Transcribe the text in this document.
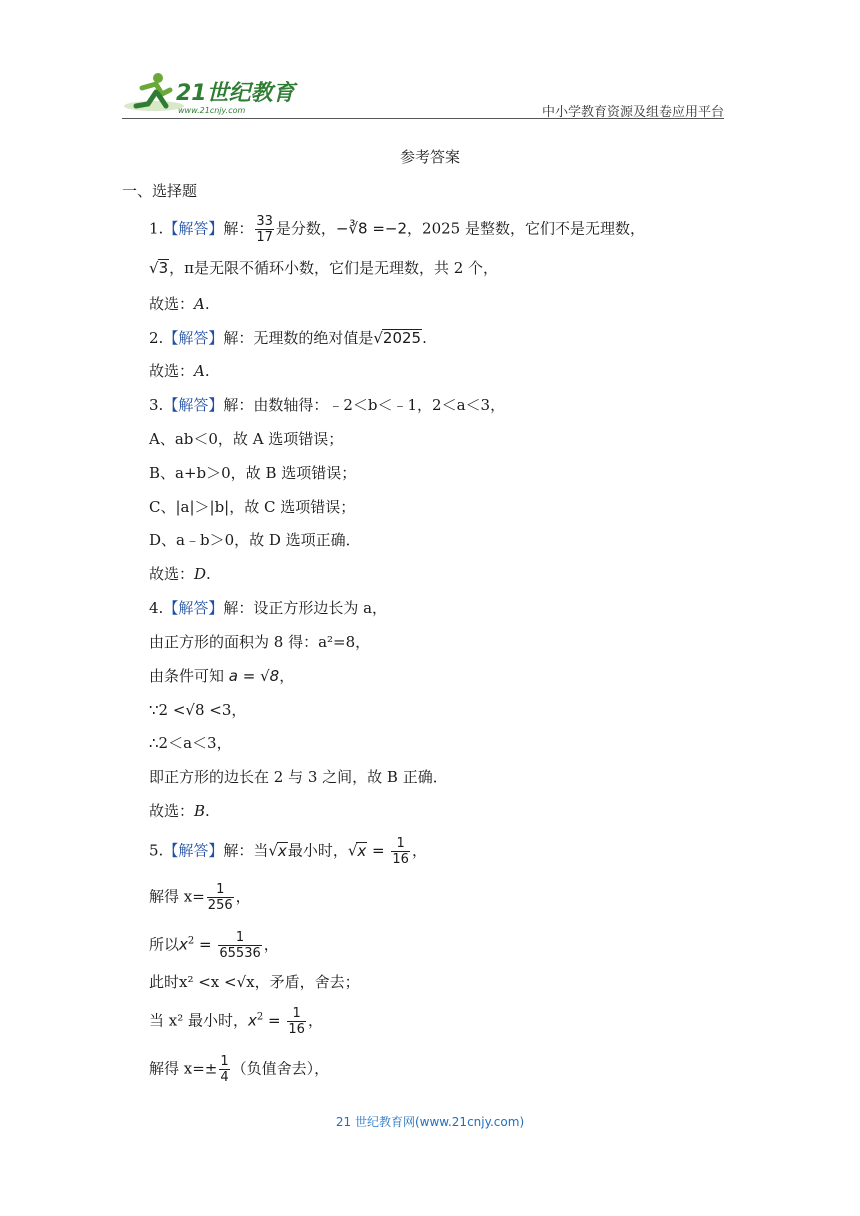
21世纪教育
www.21cnjy.com	中小学教育资源及组卷应用平台
参考答案
一、选择题
1.【解答】解： $\frac{33}{17}$ 是分数，−∛8 =−2，2025 是整数，它们不是无理数，
√3，π是无限不循环小数，它们是无理数，共 2 个，
故选：A.
2.【解答】解：无理数的绝对值是√2025.
故选：A.
3.【解答】解：由数轴得：﹣2＜b＜﹣1，2＜a＜3，
A、ab＜0，故 A 选项错误；
B、a+b＞0，故 B 选项错误；
C、|a|＞|b|，故 C 选项错误；
D、a﹣b＞0，故 D 选项正确．
故选：D.
4.【解答】解：设正方形边长为 a，
由正方形的面积为 8 得：a²=8，
由条件可知 a = √8，
∵2 <√8 <3，
∴2＜a＜3，
即正方形的边长在 2 与 3 之间，故 B 正确．
故选：B.
5.【解答】解：当√x最小时，$√x = \frac{1}{16}$ ，
解得 $x= \frac{1}{256}$ ，
所以$x^2 = \frac{1}{65536}$ ，
此时x² <x <√x，矛盾，舍去；
当 x² 最小时，$x^2 = \frac{1}{16}$ ，
解得 $x=\pm \frac{1}{4}$ （负值舍去），
21 世纪教育网(www.21cnjy.com)
